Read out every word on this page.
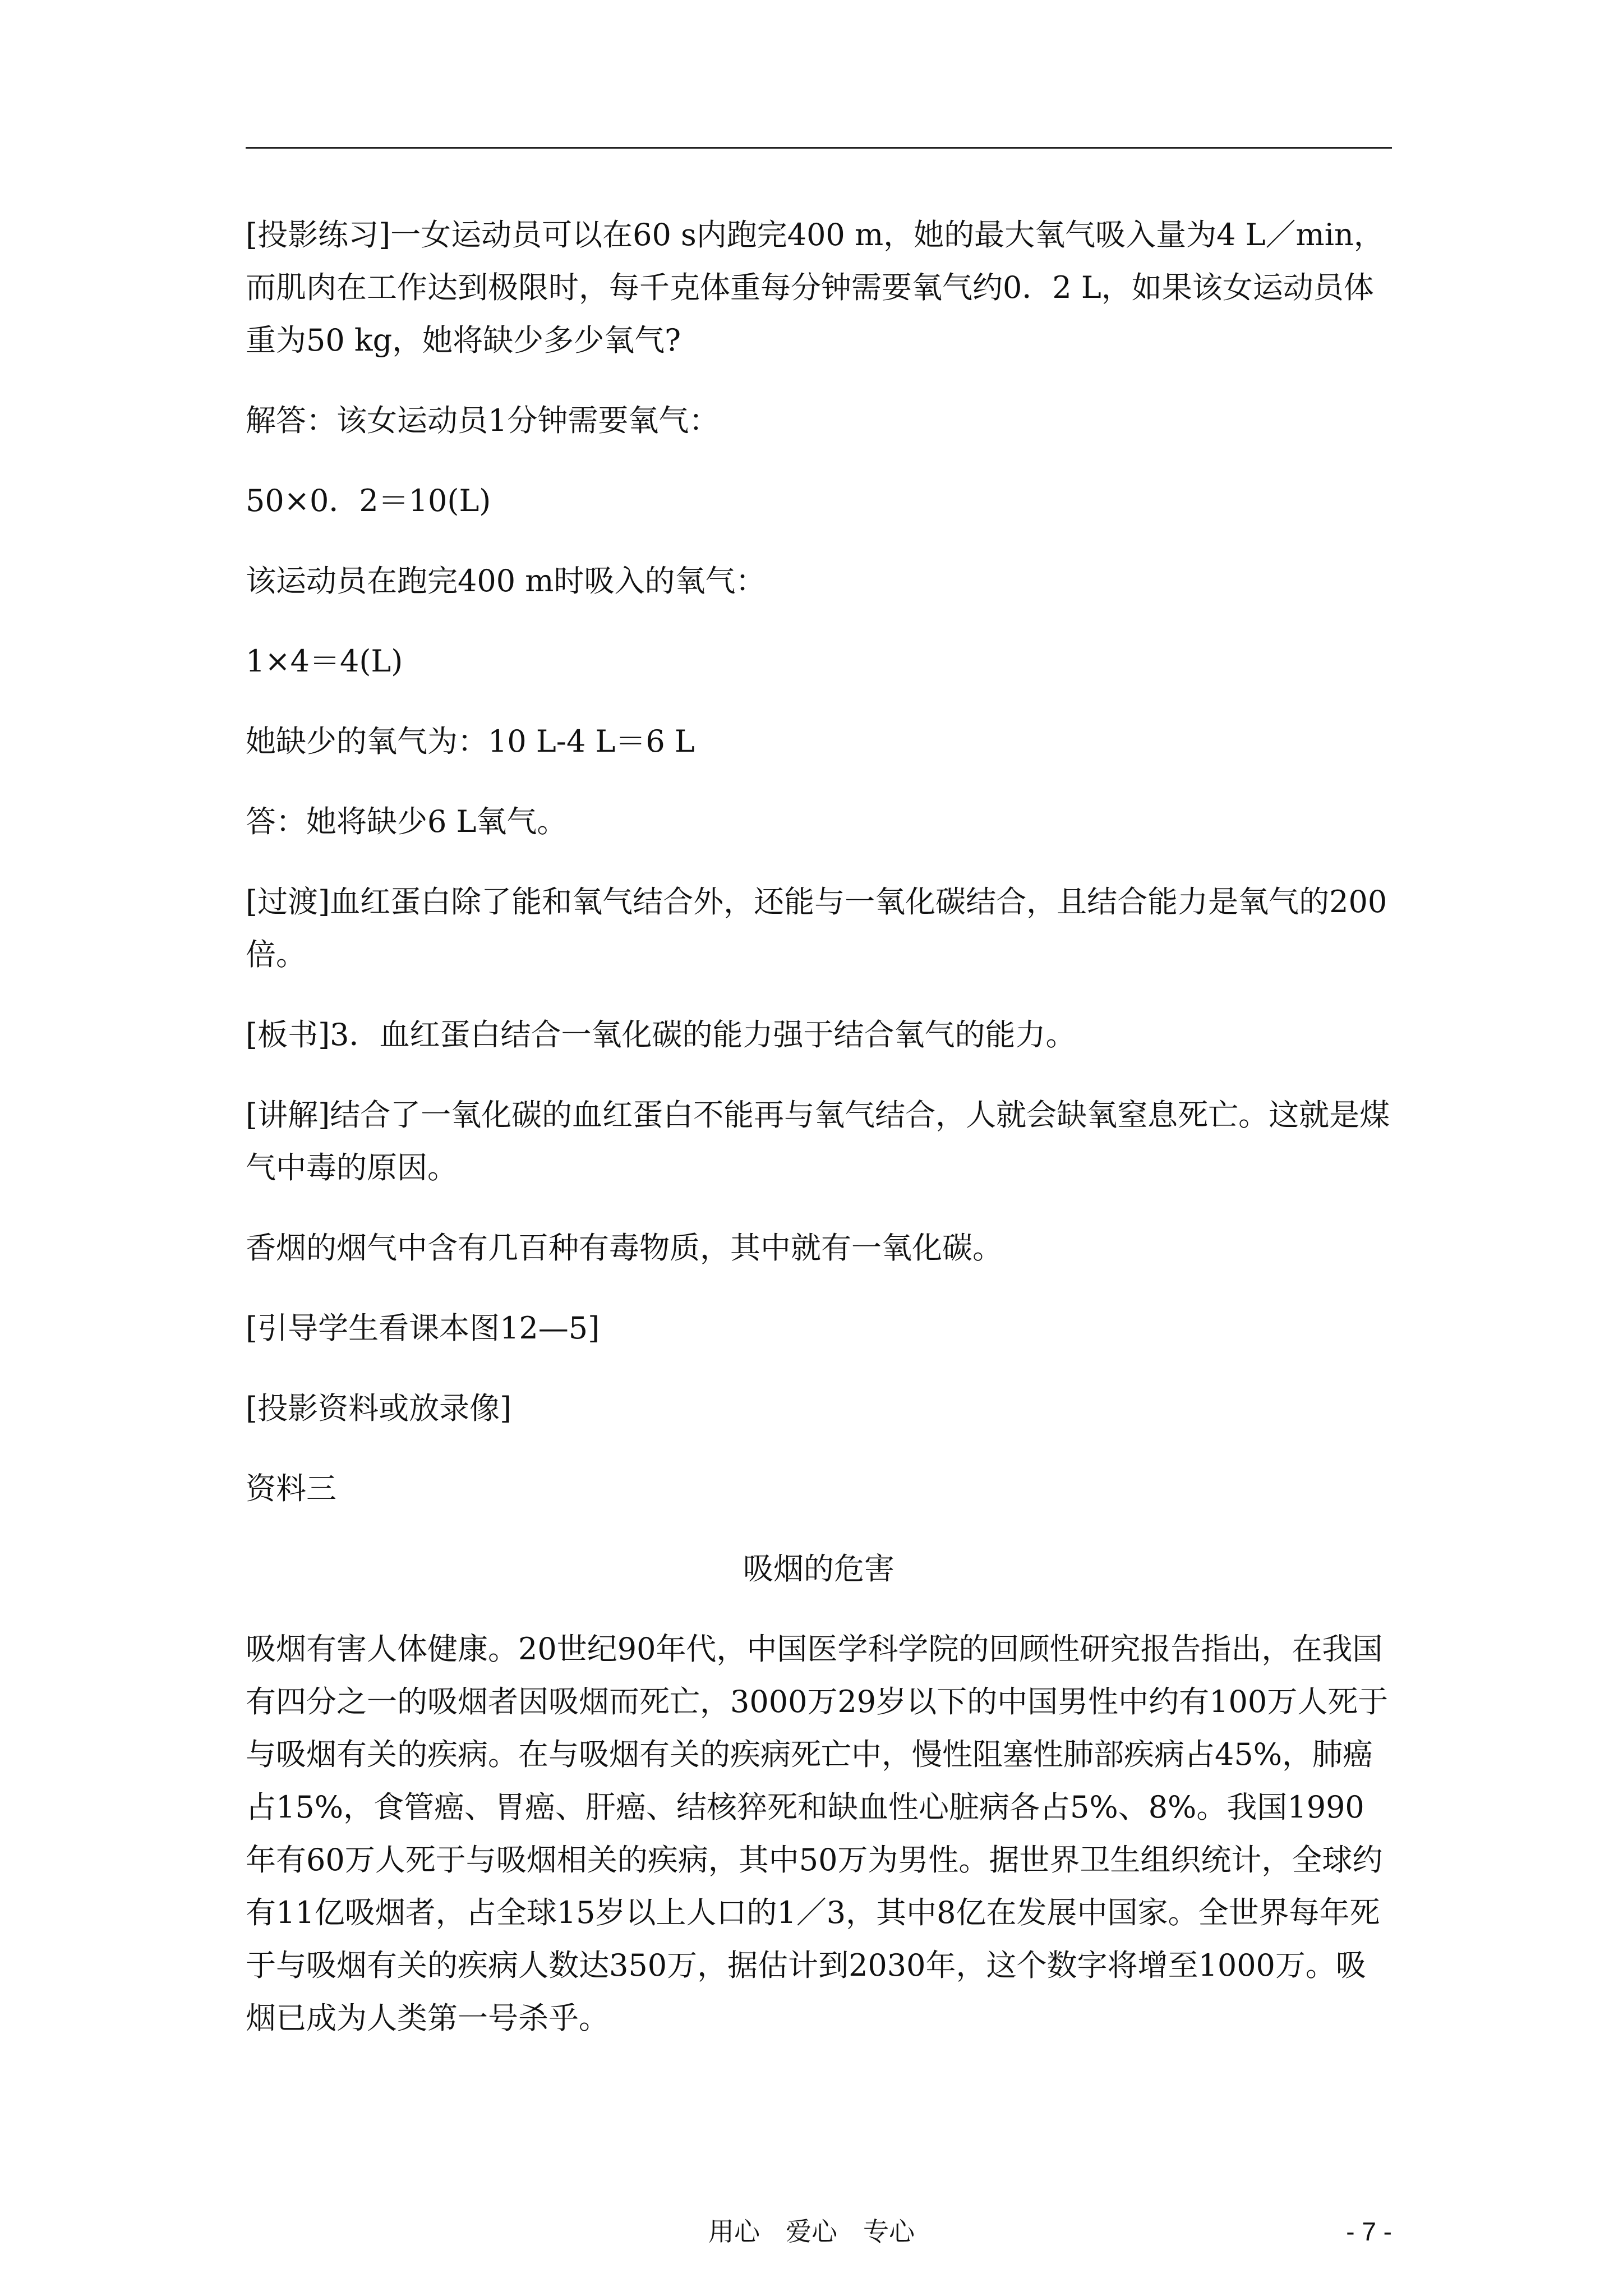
[投影练习]一女运动员可以在60 s内跑完400 m，她的最大氧气吸入量为4 L／min，而肌肉在工作达到极限时，每千克体重每分钟需要氧气约0．2 L，如果该女运动员体重为50 kg，她将缺少多少氧气?

解答：该女运动员1分钟需要氧气：

50×0．2＝10(L)

该运动员在跑完400 m时吸入的氧气：

1×4＝4(L)

她缺少的氧气为：10 L-4 L＝6 L

答：她将缺少6 L氧气。

[过渡]血红蛋白除了能和氧气结合外，还能与一氧化碳结合，且结合能力是氧气的200倍。

[板书]3．血红蛋白结合一氧化碳的能力强于结合氧气的能力。

[讲解]结合了一氧化碳的血红蛋白不能再与氧气结合，人就会缺氧窒息死亡。这就是煤气中毒的原因。

香烟的烟气中含有几百种有毒物质，其中就有一氧化碳。

[引导学生看课本图12—5]

[投影资料或放录像]

资料三

吸烟的危害

吸烟有害人体健康。20世纪90年代，中国医学科学院的回顾性研究报告指出，在我国有四分之一的吸烟者因吸烟而死亡，3000万29岁以下的中国男性中约有100万人死于与吸烟有关的疾病。在与吸烟有关的疾病死亡中，慢性阻塞性肺部疾病占45%，肺癌占15%，食管癌、胃癌、肝癌、结核猝死和缺血性心脏病各占5%、8%。我国1990年有60万人死于与吸烟相关的疾病，其中50万为男性。据世界卫生组织统计，全球约有11亿吸烟者，占全球15岁以上人口的1／3，其中8亿在发展中国家。全世界每年死于与吸烟有关的疾病人数达350万，据估计到2030年，这个数字将增至1000万。吸烟已成为人类第一号杀乎。

用心　爱心　专心	- 7 -
